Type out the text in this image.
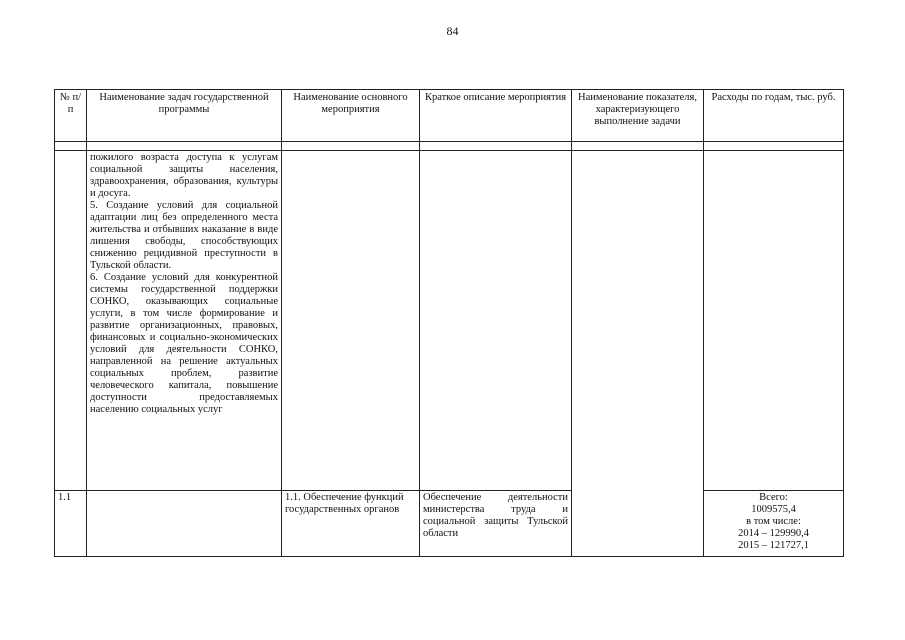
84
№ п/п	Наименование задач государственной программы	Наименование основного мероприятия	Краткое описание мероприятия	Наименование показателя, характеризующего выполнение задачи	Расходы по годам, тыс. руб.

	пожилого возраста доступа к услугам социальной защиты населения, здравоохранения, образования, культуры и досуга.
5. Создание условий для социальной адаптации лиц без определенного места жительства и отбывших наказание в виде лишения свободы, способствующих снижению рецидивной преступности в Тульской области.
6. Создание условий для конкурентной системы государственной поддержки СОНКО, оказывающих социальные услуги, в том числе формирование и развитие организационных, правовых, финансовых и социально-экономических условий для деятельности СОНКО, направленной на решение актуальных социальных проблем, развитие человеческого капитала, повышение доступности предоставляемых населению социальных услуг				

1.1		1.1. Обеспечение функций государственных органов	Обеспечение деятельности министерства труда и социальной защиты Тульской области		Всего:
1009575,4
в том числе:
2014 – 129990,4
2015 – 121727,1
